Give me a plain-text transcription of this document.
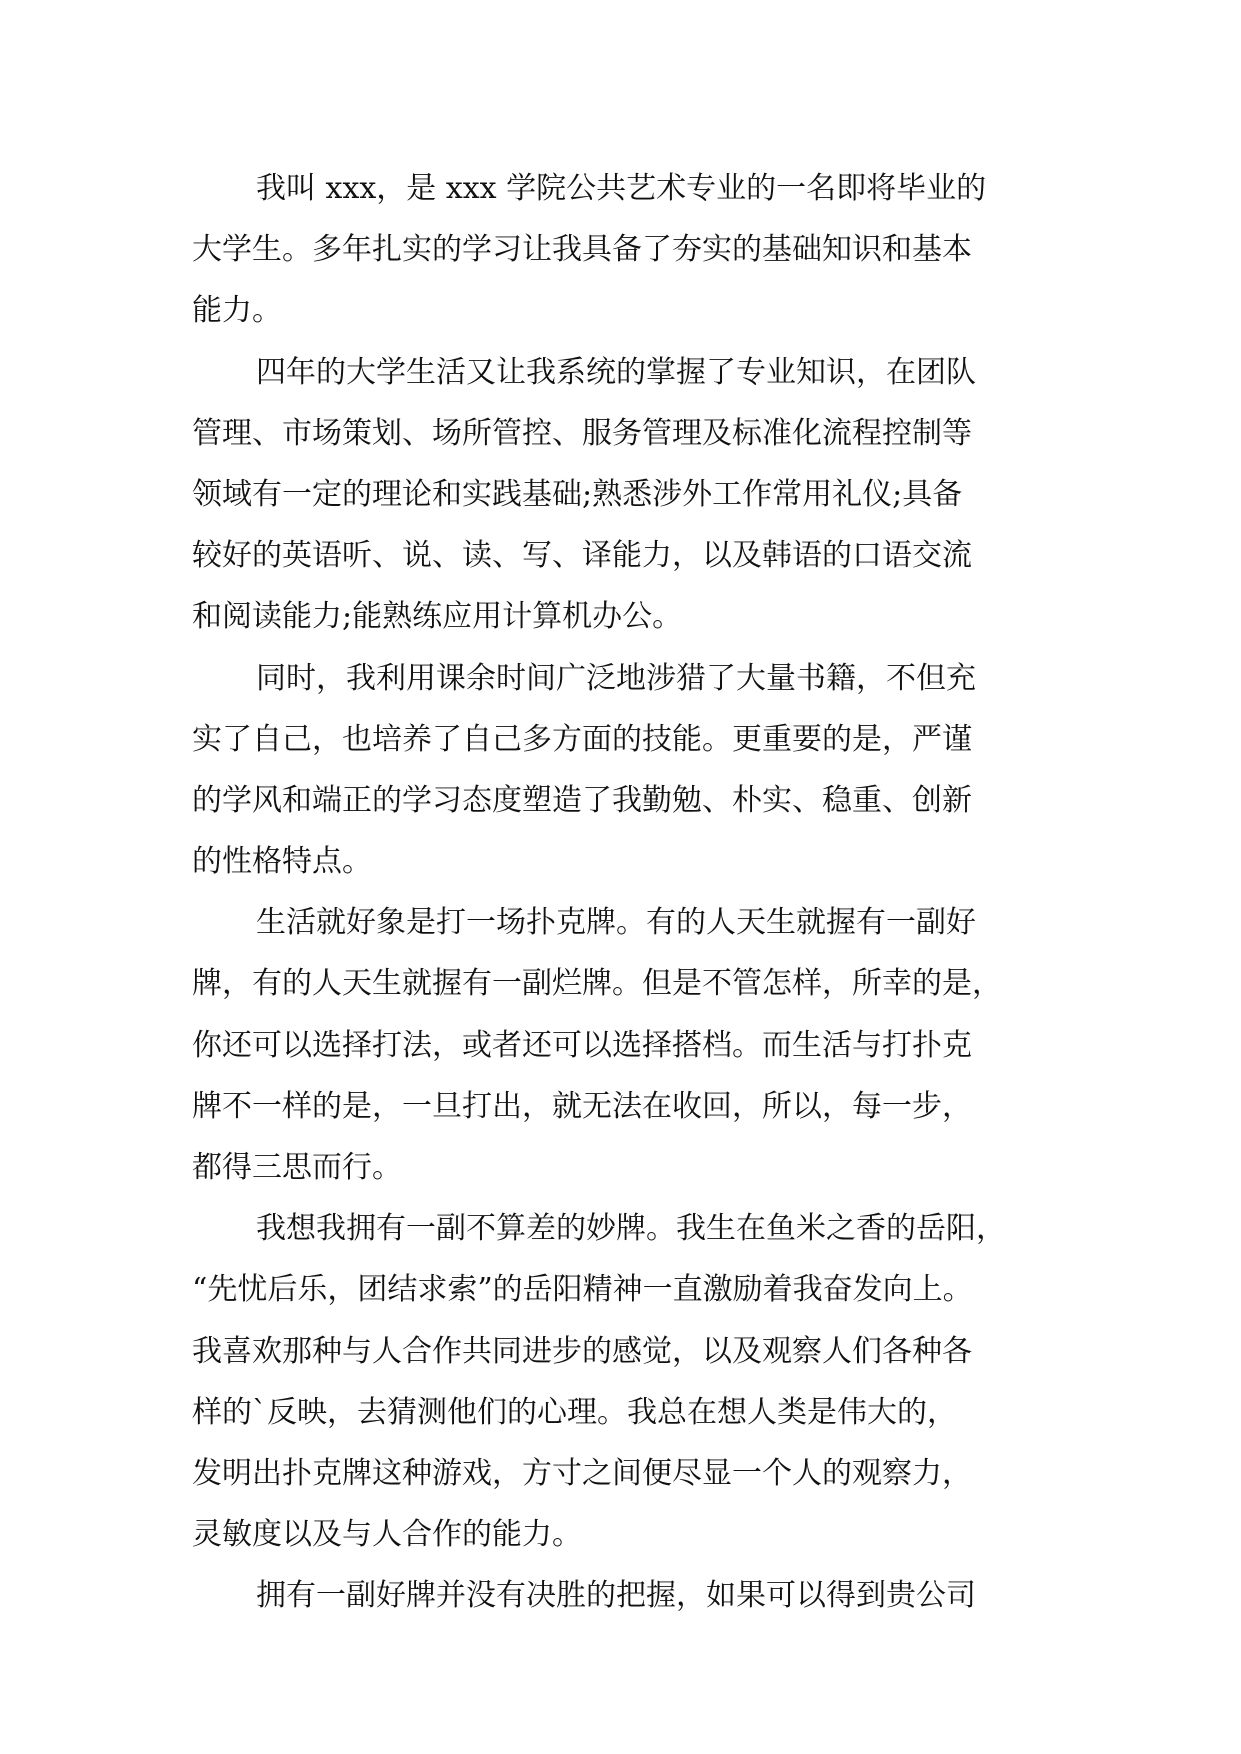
我叫 xxx，是 xxx 学院公共艺术专业的一名即将毕业的
大学生。多年扎实的学习让我具备了夯实的基础知识和基本
能力。
四年的大学生活又让我系统的掌握了专业知识，在团队
管理、市场策划、场所管控、服务管理及标准化流程控制等
领域有一定的理论和实践基础;熟悉涉外工作常用礼仪;具备
较好的英语听、说、读、写、译能力，以及韩语的口语交流
和阅读能力;能熟练应用计算机办公。
同时，我利用课余时间广泛地涉猎了大量书籍，不但充
实了自己，也培养了自己多方面的技能。更重要的是，严谨
的学风和端正的学习态度塑造了我勤勉、朴实、稳重、创新
的性格特点。
生活就好象是打一场扑克牌。有的人天生就握有一副好
牌，有的人天生就握有一副烂牌。但是不管怎样，所幸的是，
你还可以选择打法，或者还可以选择搭档。而生活与打扑克
牌不一样的是，一旦打出，就无法在收回，所以，每一步，
都得三思而行。
我想我拥有一副不算差的妙牌。我生在鱼米之香的岳阳，
“先忧后乐，团结求索”的岳阳精神一直激励着我奋发向上。
我喜欢那种与人合作共同进步的感觉，以及观察人们各种各
样的`反映，去猜测他们的心理。我总在想人类是伟大的，
发明出扑克牌这种游戏，方寸之间便尽显一个人的观察力，
灵敏度以及与人合作的能力。
拥有一副好牌并没有决胜的把握，如果可以得到贵公司
